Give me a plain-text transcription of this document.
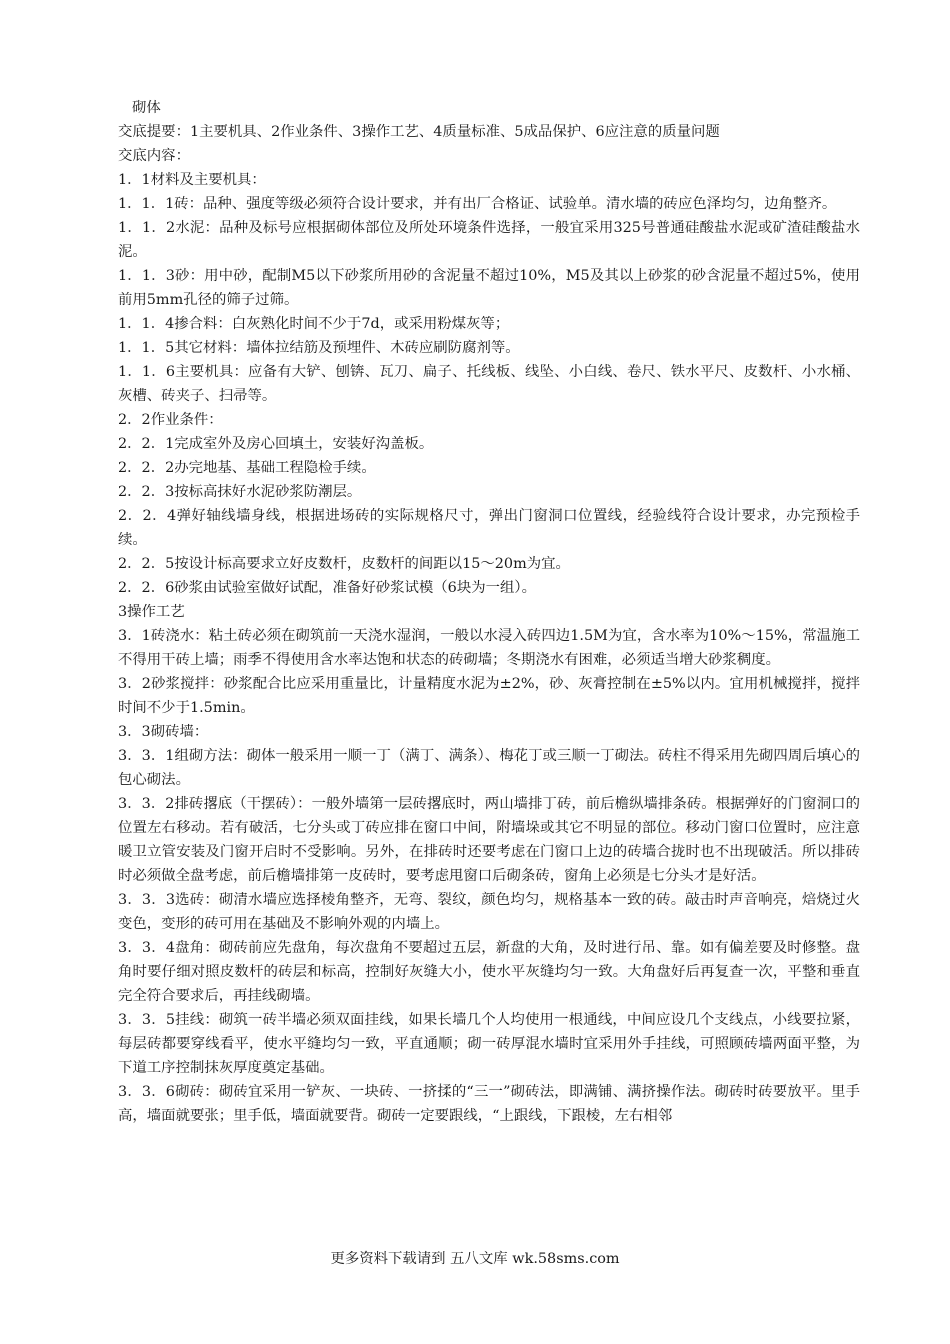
砌体

交底提要：1主要机具、2作业条件、3操作工艺、4质量标准、5成品保护、6应注意的质量问题

交底内容：

1．1材料及主要机具：

1．1．1砖：品种、强度等级必须符合设计要求，并有出厂合格证、试验单。清水墙的砖应色泽均匀，边角整齐。

1．1．2水泥：品种及标号应根据砌体部位及所处环境条件选择，一般宜采用325号普通硅酸盐水泥或矿渣硅酸盐水泥。

1．1．3砂：用中砂，配制M5以下砂浆所用砂的含泥量不超过10%，M5及其以上砂浆的砂含泥量不超过5%，使用前用5mm孔径的筛子过筛。

1．1．4掺合料：白灰熟化时间不少于7d，或采用粉煤灰等；

1．1．5其它材料：墙体拉结筋及预埋件、木砖应刷防腐剂等。

1．1．6主要机具：应备有大铲、刨锛、瓦刀、扁子、托线板、线坠、小白线、卷尺、铁水平尺、皮数杆、小水桶、灰槽、砖夹子、扫帚等。

2．2作业条件：

2．2．1完成室外及房心回填土，安装好沟盖板。

2．2．2办完地基、基础工程隐检手续。

2．2．3按标高抹好水泥砂浆防潮层。

2．2．4弹好轴线墙身线，根据进场砖的实际规格尺寸，弹出门窗洞口位置线，经验线符合设计要求，办完预检手续。

2．2．5按设计标高要求立好皮数杆，皮数杆的间距以15～20m为宜。

2．2．6砂浆由试验室做好试配，准备好砂浆试模（6块为一组）。

3操作工艺

3．1砖浇水：粘土砖必须在砌筑前一天浇水湿润，一般以水浸入砖四边1.5M为宜，含水率为10%～15%，常温施工不得用干砖上墙；雨季不得使用含水率达饱和状态的砖砌墙；冬期浇水有困难，必须适当增大砂浆稠度。

3．2砂浆搅拌：砂浆配合比应采用重量比，计量精度水泥为±2%，砂、灰膏控制在±5%以内。宜用机械搅拌，搅拌时间不少于1.5min。

3．3砌砖墙：

3．3．1组砌方法：砌体一般采用一顺一丁（满丁、满条）、梅花丁或三顺一丁砌法。砖柱不得采用先砌四周后填心的包心砌法。

3．3．2排砖撂底（干摆砖）：一般外墙第一层砖撂底时，两山墙排丁砖，前后檐纵墙排条砖。根据弹好的门窗洞口的位置左右移动。若有破活，七分头或丁砖应排在窗口中间，附墙垛或其它不明显的部位。移动门窗口位置时，应注意暖卫立管安装及门窗开启时不受影响。另外，在排砖时还要考虑在门窗口上边的砖墙合拢时也不出现破活。所以排砖时必须做全盘考虑，前后檐墙排第一皮砖时，要考虑甩窗口后砌条砖，窗角上必须是七分头才是好活。

3．3．3选砖：砌清水墙应选择棱角整齐，无弯、裂纹，颜色均匀，规格基本一致的砖。敲击时声音响亮，焙烧过火变色，变形的砖可用在基础及不影响外观的内墙上。

3．3．4盘角：砌砖前应先盘角，每次盘角不要超过五层，新盘的大角，及时进行吊、靠。如有偏差要及时修整。盘角时要仔细对照皮数杆的砖层和标高，控制好灰缝大小，使水平灰缝均匀一致。大角盘好后再复查一次，平整和垂直完全符合要求后，再挂线砌墙。

3．3．5挂线：砌筑一砖半墙必须双面挂线，如果长墙几个人均使用一根通线，中间应设几个支线点，小线要拉紧，每层砖都要穿线看平，使水平缝均匀一致，平直通顺；砌一砖厚混水墙时宜采用外手挂线，可照顾砖墙两面平整，为下道工序控制抹灰厚度奠定基础。

3．3．6砌砖：砌砖宜采用一铲灰、一块砖、一挤揉的“三一”砌砖法，即满铺、满挤操作法。砌砖时砖要放平。里手高，墙面就要张；里手低，墙面就要背。砌砖一定要跟线，“上跟线，下跟棱，左右相邻

更多资料下载请到 五八文库 wk.58sms.com
